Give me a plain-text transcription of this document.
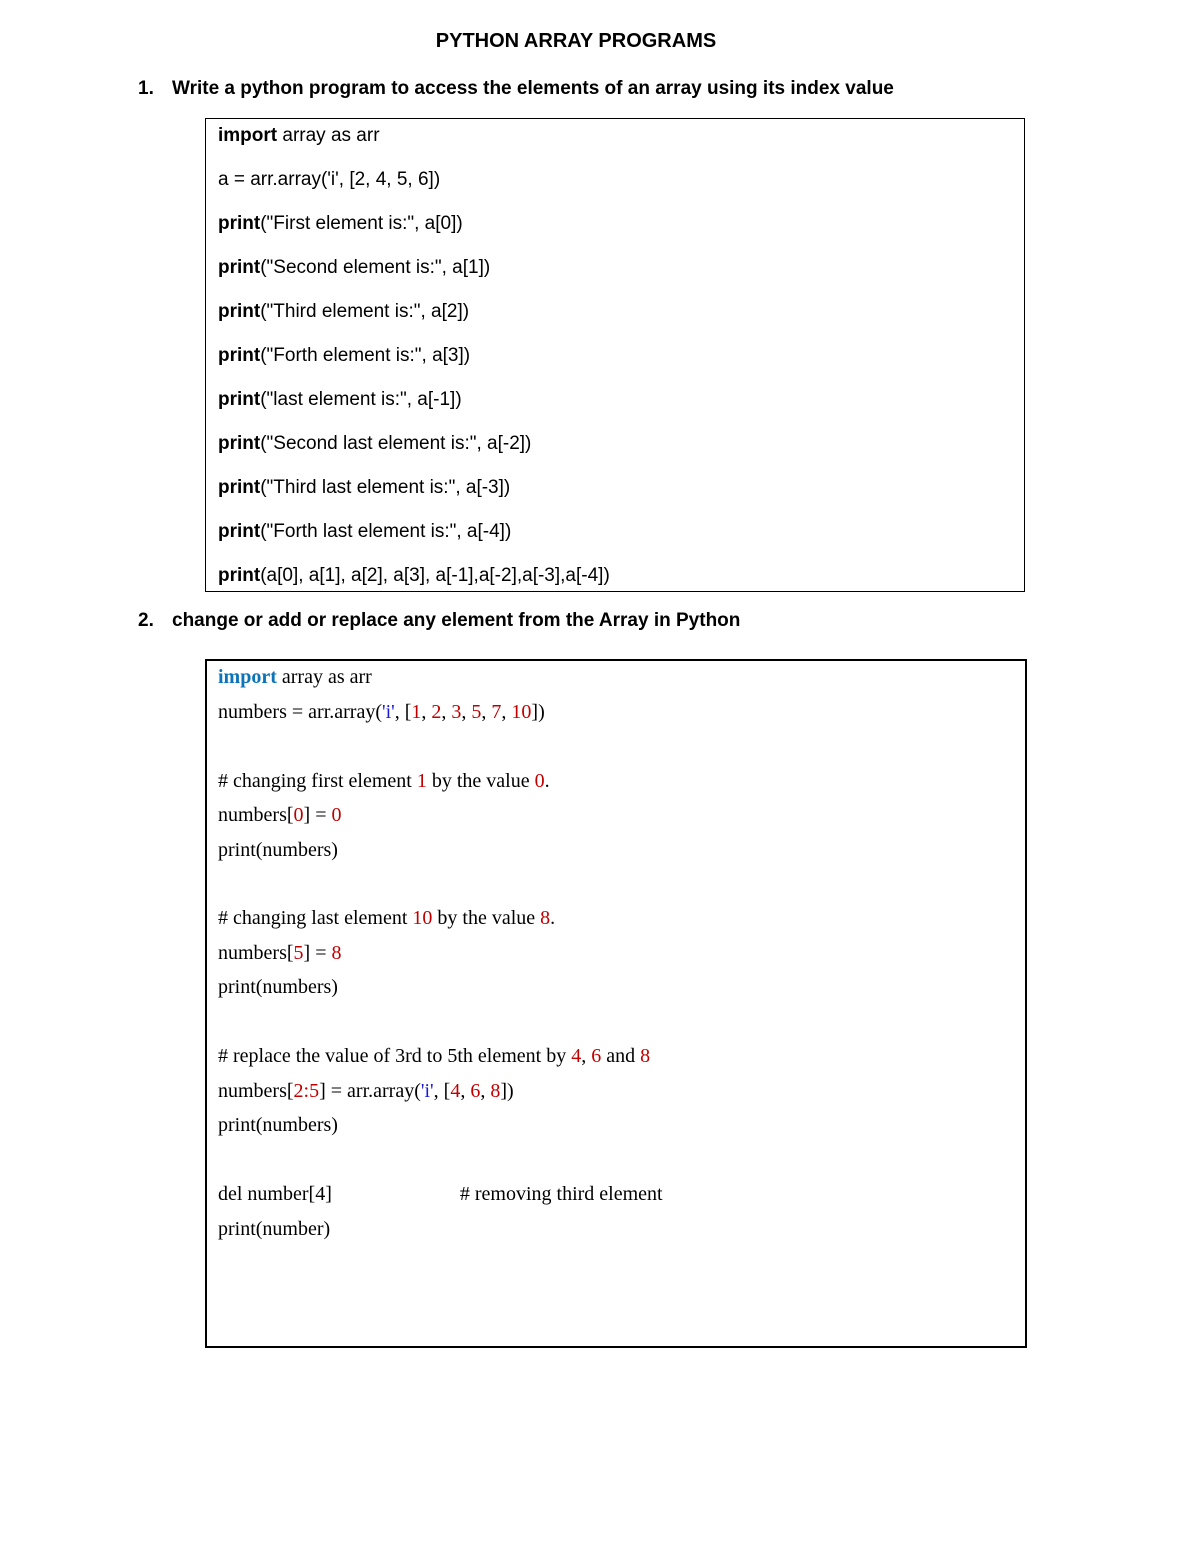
PYTHON ARRAY PROGRAMS
1. Write a python program to access the elements of an array using its index value
import array as arr
a = arr.array('i', [2, 4, 5, 6])
print("First element is:", a[0])
print("Second element is:", a[1])
print("Third element is:", a[2])
print("Forth element is:", a[3])
print("last element is:", a[-1])
print("Second last element is:", a[-2])
print("Third last element is:", a[-3])
print("Forth last element is:", a[-4])
print(a[0], a[1], a[2], a[3], a[-1],a[-2],a[-3],a[-4])
2. change or add or replace any element from the Array in Python
import array as arr
numbers = arr.array('i', [1, 2, 3, 5, 7, 10])
# changing first element 1 by the value 0.
numbers[0] = 0
print(numbers)
# changing last element 10 by the value 8.
numbers[5] = 8
print(numbers)
# replace the value of 3rd to 5th element by 4, 6 and 8
numbers[2:5] = arr.array('i', [4, 6, 8])
print(numbers)
del number[4]	# removing third element
print(number)
